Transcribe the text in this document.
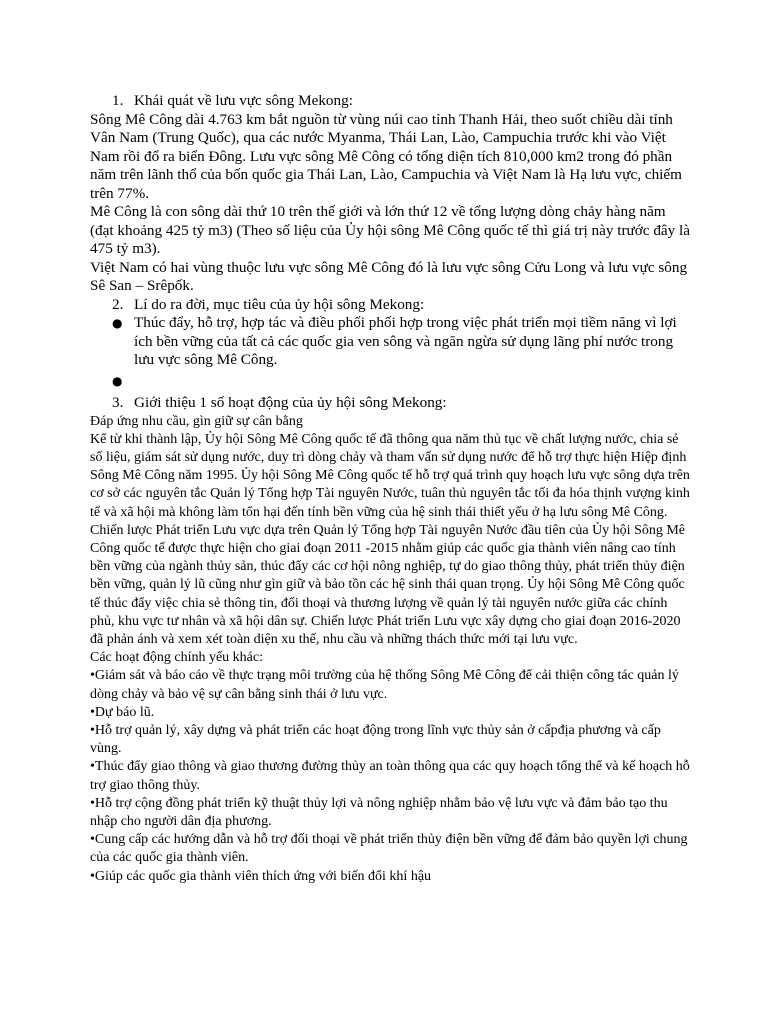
1. Khái quát về lưu vực sông Mekong:

Sông Mê Công dài 4.763 km bắt nguồn từ vùng núi cao tỉnh Thanh Hải, theo suốt chiều dài tỉnh Vân Nam (Trung Quốc), qua các nước Myanma, Thái Lan, Lào, Campuchia trước khi vào Việt Nam rồi đổ ra biển Đông. Lưu vực sông Mê Công có tổng diện tích 810,000 km2 trong đó phần năm trên lãnh thổ của bốn quốc gia Thái Lan, Lào, Campuchia và Việt Nam là Hạ lưu vực, chiếm trên 77%.

Mê Công là con sông dài thứ 10 trên thế giới và lớn thứ 12 về tổng lượng dòng chảy hàng năm (đạt khoảng 425 tỷ m3) (Theo số liệu của Ủy hội sông Mê Công quốc tế thì giá trị này trước đây là 475 tỷ m3).

Việt Nam có hai vùng thuộc lưu vực sông Mê Công đó là lưu vực sông Cửu Long và lưu vực sông Sê San – Srêpốk.

2. Lí do ra đời, mục tiêu của ủy hội sông Mekong:
● Thúc đẩy, hỗ trợ, hợp tác và điều phối phối hợp trong việc phát triển mọi tiềm năng vì lợi ích bền vững của tất cả các quốc gia ven sông và ngăn ngừa sử dụng lãng phí nước trong lưu vực sông Mê Công.
●
3. Giới thiệu 1 số hoạt động của ủy hội sông Mekong:

Đáp ứng nhu cầu, gìn giữ sự cân bằng

Kể từ khi thành lập, Ủy hội Sông Mê Công quốc tế đã thông qua năm thủ tục về chất lượng nước, chia sẻ số liệu, giám sát sử dụng nước, duy trì dòng chảy và tham vấn sử dụng nước để hỗ trợ thực hiện Hiệp định Sông Mê Công năm 1995. Ủy hội Sông Mê Công quốc tế hỗ trợ quá trình quy hoạch lưu vực sông dựa trên cơ sở các nguyên tắc Quản lý Tổng hợp Tài nguyên Nước, tuân thủ nguyên tắc tối đa hóa thịnh vượng kinh tế và xã hội mà không làm tổn hại đến tính bền vững của hệ sinh thái thiết yếu ở hạ lưu sông Mê Công. Chiến lược Phát triển Lưu vực dựa trên Quản lý Tổng hợp Tài nguyên Nước đầu tiên của Ủy hội Sông Mê Công quốc tế được thực hiện cho giai đoạn 2011 -2015 nhằm giúp các quốc gia thành viên nâng cao tính bền vững của ngành thủy sản, thúc đẩy các cơ hội nông nghiệp, tự do giao thông thủy, phát triển thủy điện bền vững, quản lý lũ cũng như gìn giữ và bảo tồn các hệ sinh thái quan trọng. Ủy hội Sông Mê Công quốc tế thúc đẩy việc chia sẻ thông tin, đối thoại và thương lượng về quản lý tài nguyên nước giữa các chính phủ, khu vực tư nhân và xã hội dân sự. Chiến lược Phát triển Lưu vực xây dựng cho giai đoạn 2016-2020 đã phản ánh và xem xét toàn diện xu thế, nhu cầu và những thách thức mới tại lưu vực.

Các hoạt động chính yếu khác:

•Giám sát và báo cáo về thực trạng môi trường của hệ thống Sông Mê Công để cải thiện công tác quản lý dòng chảy và bảo vệ sự cân bằng sinh thái ở lưu vực.

•Dự báo lũ.

•Hỗ trợ quản lý, xây dựng và phát triển các hoạt động trong lĩnh vực thủy sản ở cấpđịa phương và cấp vùng.

•Thúc đẩy giao thông và giao thương đường thủy an toàn thông qua các quy hoạch tổng thể và kế hoạch hỗ trợ giao thông thủy.

•Hỗ trợ cộng đồng phát triển kỹ thuật thủy lợi và nông nghiệp nhằm bảo vệ lưu vực và đảm bảo tạo thu nhập cho người dân địa phương.

•Cung cấp các hướng dẫn và hỗ trợ đối thoại về phát triển thủy điện bền vững để đảm bảo quyền lợi chung của các quốc gia thành viên.

•Giúp các quốc gia thành viên thích ứng với biến đổi khí hậu
